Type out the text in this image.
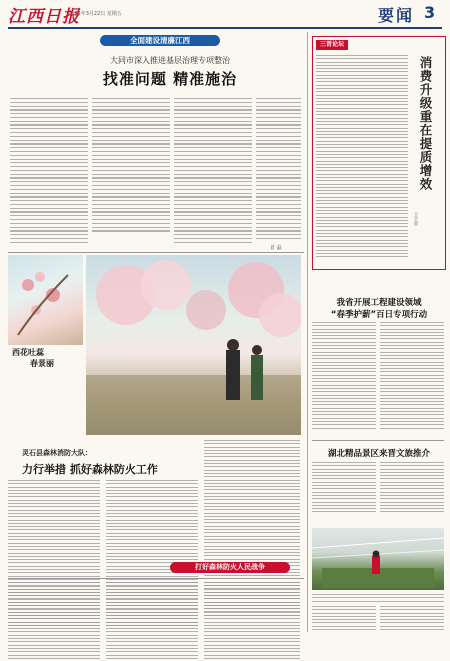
江西日报
2024年3月22日 星期五	要闻 3
全面建设清廉江西
大同市深入推进基层治理专项整治
找准问题 精准施治
首 晶
西花吐蕊
春景丽
灵石县森林消防大队：
力行举措 抓好森林防火工作
打好森林防火人民战争
三晋论坛
消费升级重在提质增效
王宇雷
我省开展工程建设领域
“春季护薪”百日专项行动
湖北精品景区来晋文旅推介
